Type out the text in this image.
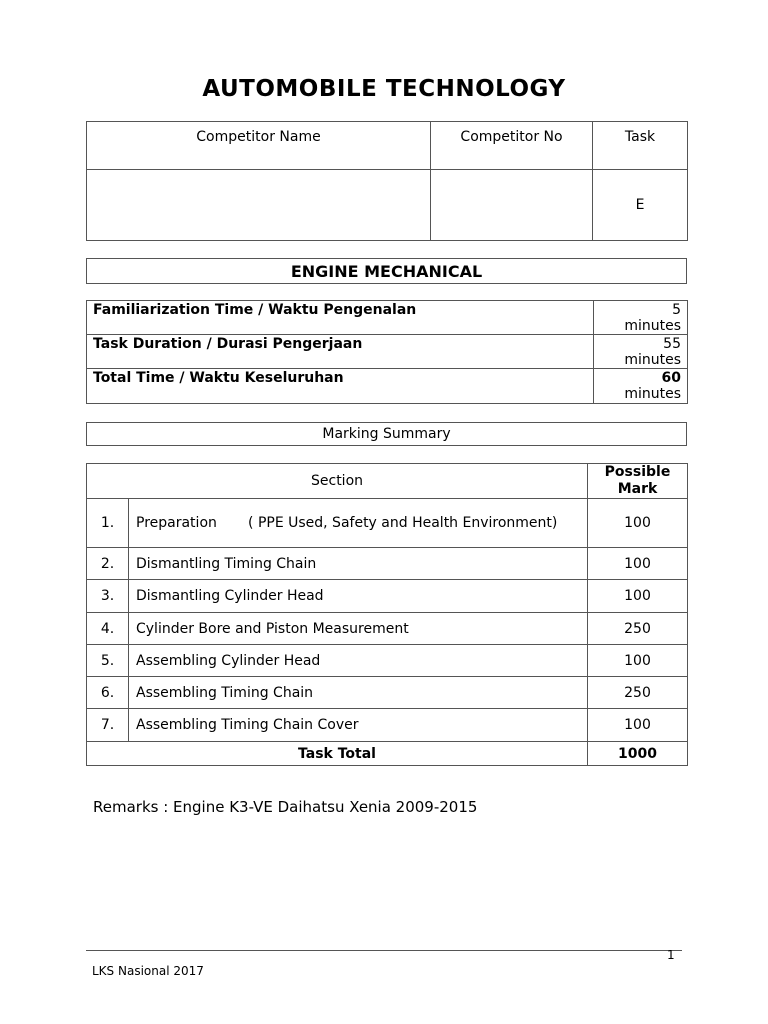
AUTOMOBILE TECHNOLOGY
Competitor Name	Competitor No	Task

		E
ENGINE MECHANICAL
Familiarization Time / Waktu Pengenalan	5
minutes

Task Duration / Durasi Pengerjaan	55
minutes

Total Time / Waktu Keseluruhan	60
minutes
Marking Summary
Section		Possible Mark
1.	Preparation       ( PPE Used, Safety and Health Environment)	100
2.	Dismantling Timing Chain	100
3.	Dismantling Cylinder Head	100
4.	Cylinder Bore and Piston Measurement	250
5.	Assembling Cylinder Head	100
6.	Assembling Timing Chain	250
7.	Assembling Timing Chain Cover	100
Task Total		1000
Remarks : Engine K3-VE Daihatsu Xenia 2009-2015
1
LKS Nasional 2017
